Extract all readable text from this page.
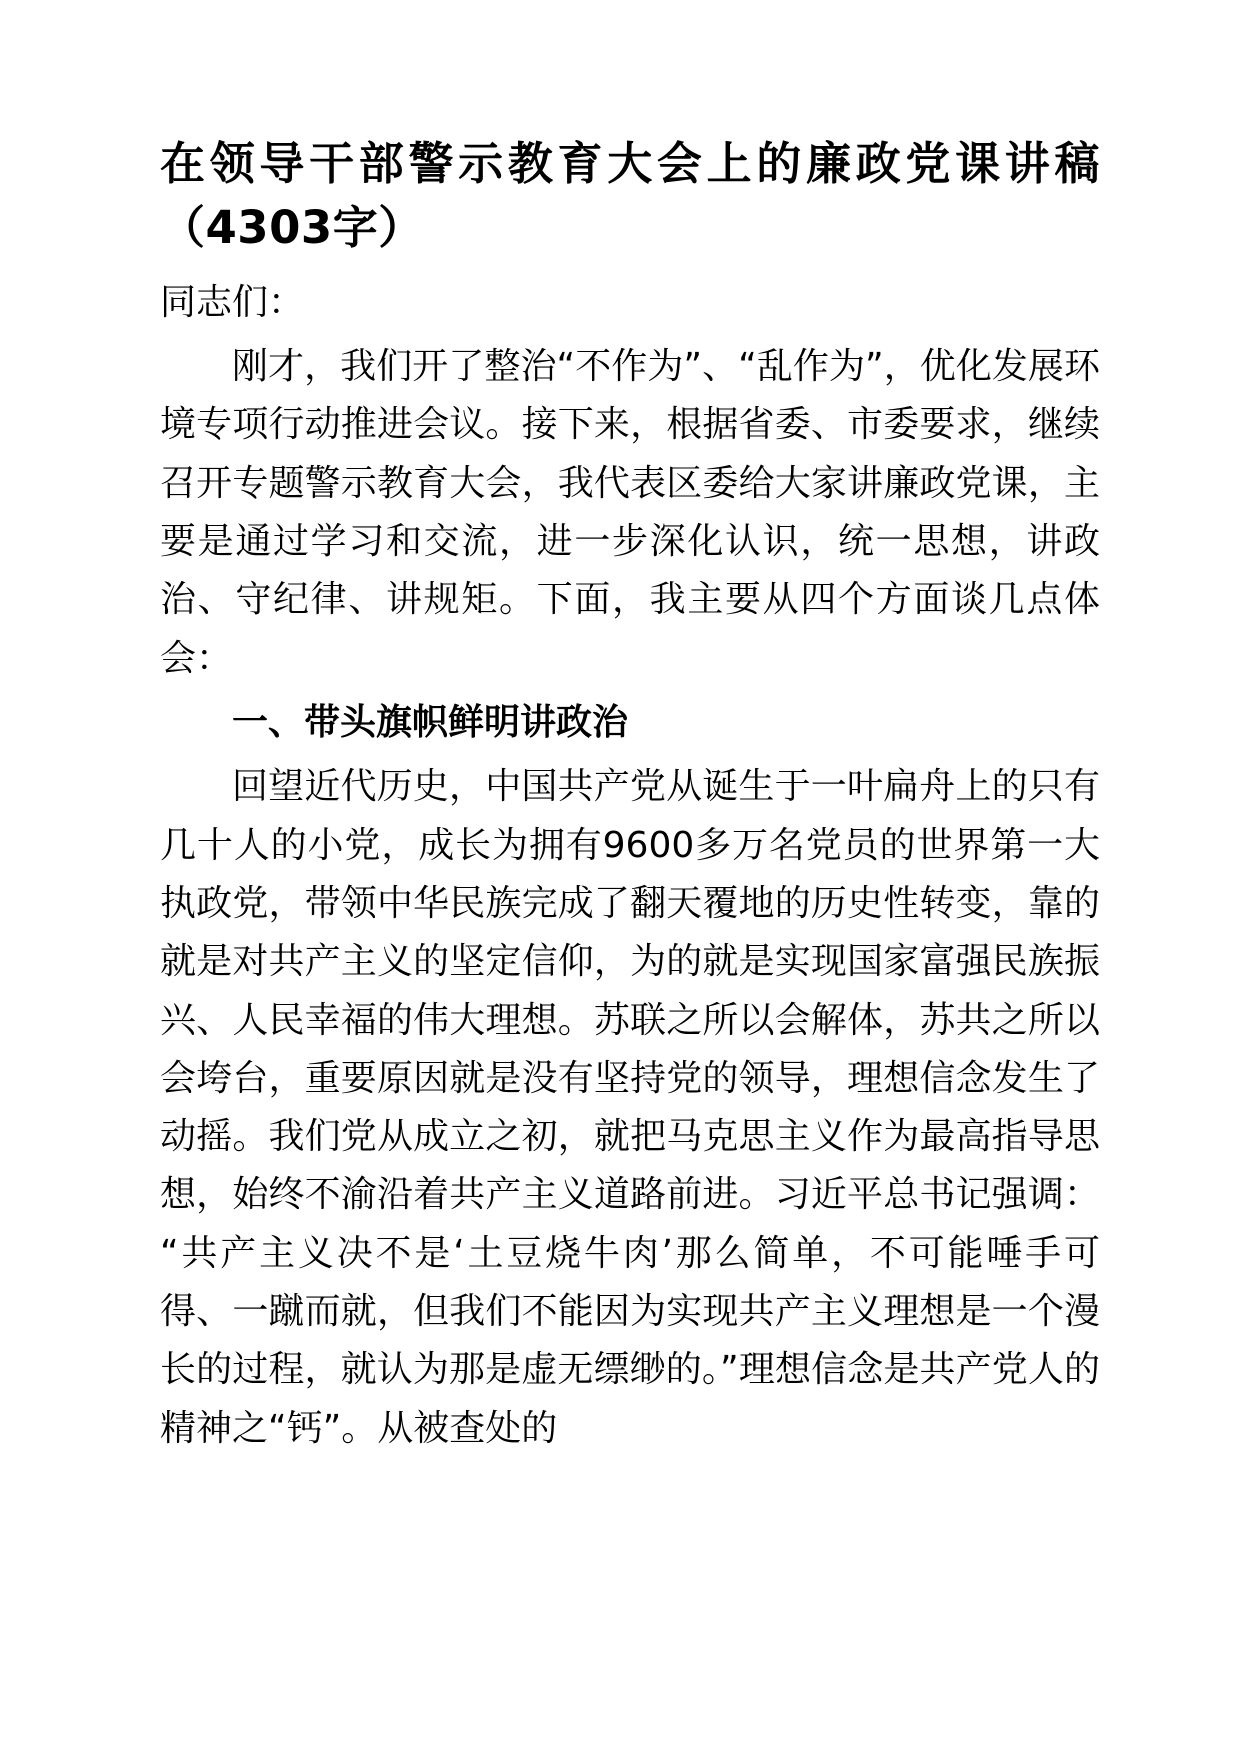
在领导干部警示教育大会上的廉政党课讲稿（4303字）

同志们：

刚才，我们开了整治“不作为”、“乱作为”，优化发展环境专项行动推进会议。接下来，根据省委、市委要求，继续召开专题警示教育大会，我代表区委给大家讲廉政党课，主要是通过学习和交流，进一步深化认识，统一思想，讲政治、守纪律、讲规矩。下面，我主要从四个方面谈几点体会：

一、带头旗帜鲜明讲政治

回望近代历史，中国共产党从诞生于一叶扁舟上的只有几十人的小党，成长为拥有9600多万名党员的世界第一大执政党，带领中华民族完成了翻天覆地的历史性转变，靠的就是对共产主义的坚定信仰，为的就是实现国家富强民族振兴、人民幸福的伟大理想。苏联之所以会解体，苏共之所以会垮台，重要原因就是没有坚持党的领导，理想信念发生了动摇。我们党从成立之初，就把马克思主义作为最高指导思想，始终不渝沿着共产主义道路前进。习近平总书记强调：“共产主义决不是‘土豆烧牛肉’那么简单，不可能唾手可得、一蹴而就，但我们不能因为实现共产主义理想是一个漫长的过程，就认为那是虚无缥缈的。”理想信念是共产党人的精神之“钙”。从被查处的
